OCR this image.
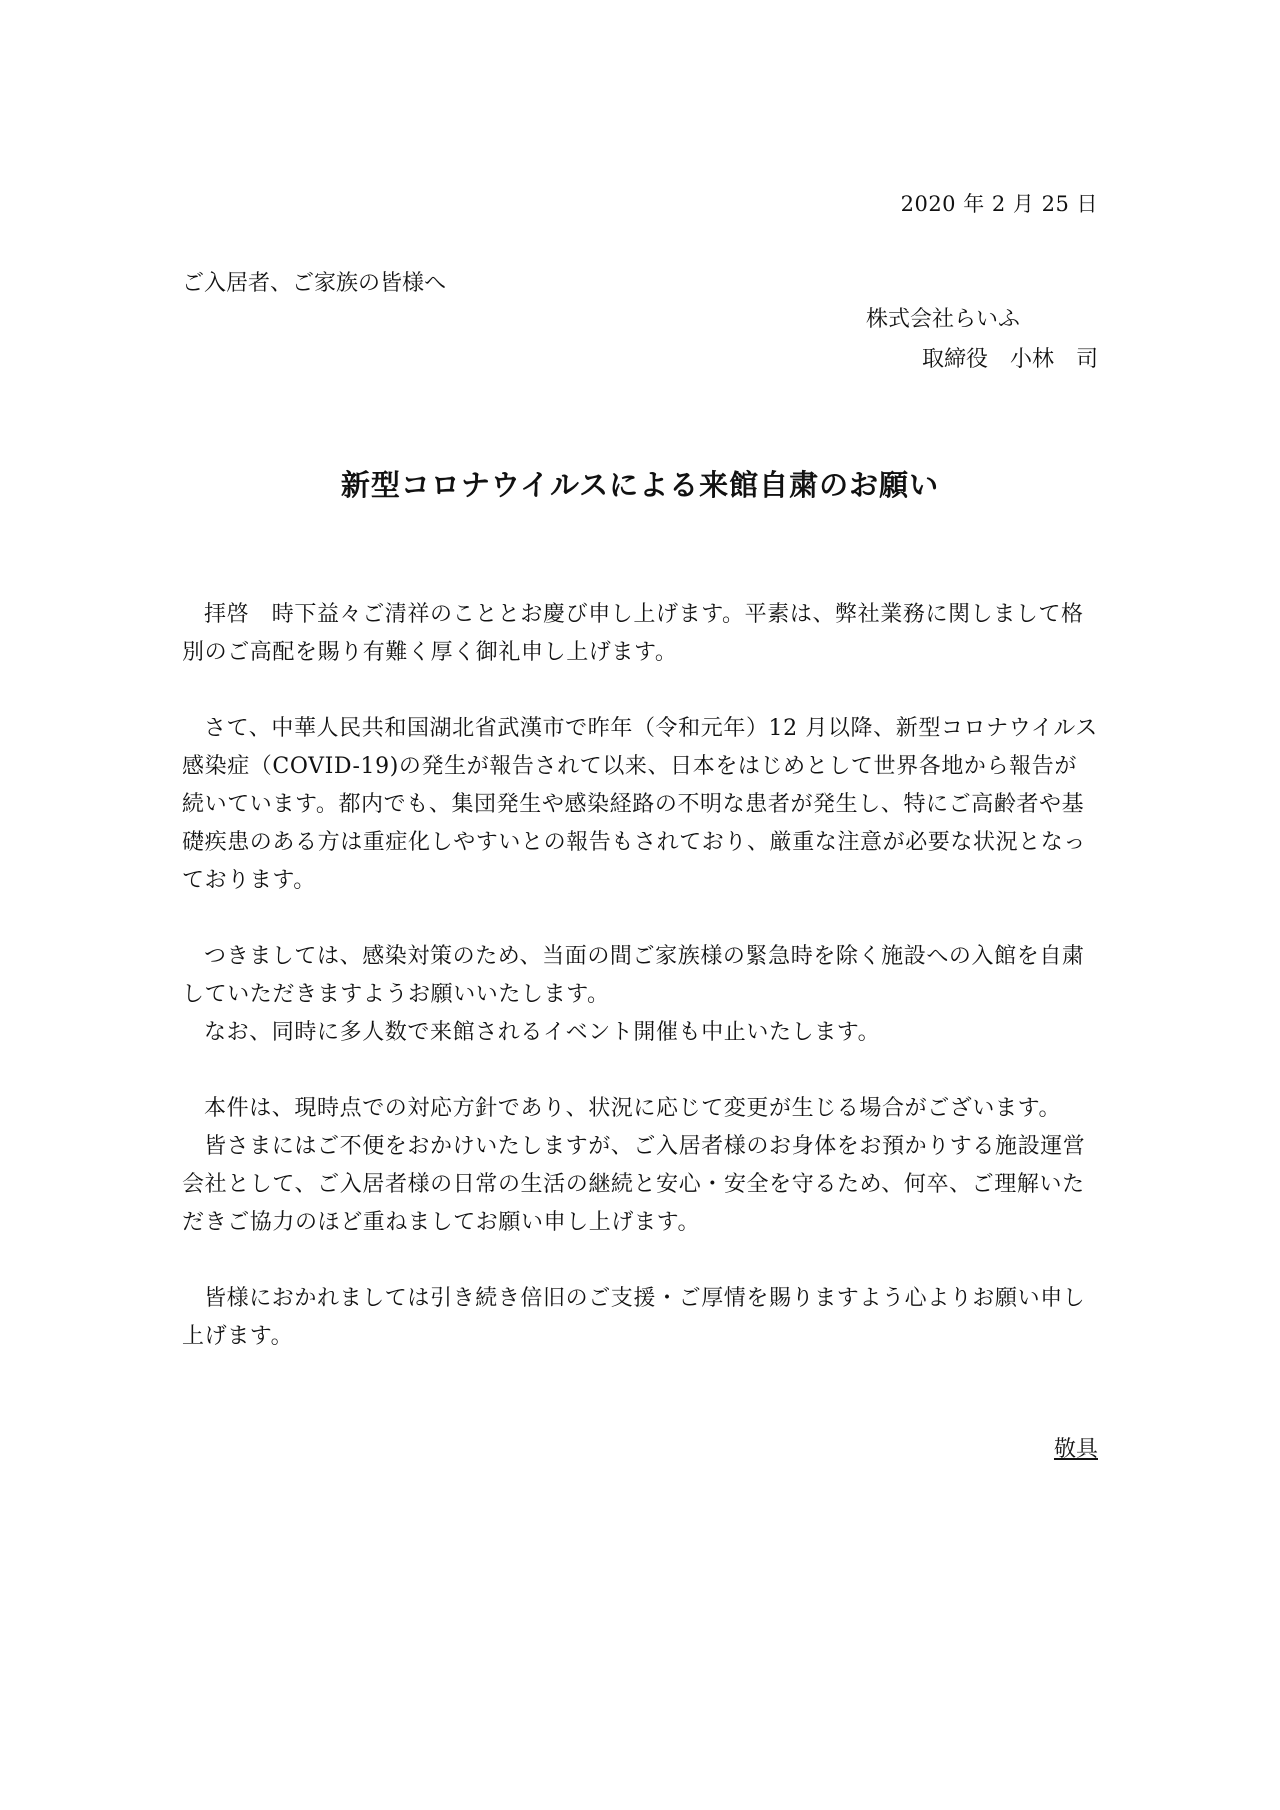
2020 年 2 月 25 日
ご入居者、ご家族の皆様へ
株式会社らいふ
取締役　小林　司
新型コロナウイルスによる来館自粛のお願い

拝啓　時下益々ご清祥のこととお慶び申し上げます。平素は、弊社業務に関しまして格別のご高配を賜り有難く厚く御礼申し上げます。

さて、中華人民共和国湖北省武漢市で昨年（令和元年）12 月以降、新型コロナウイルス感染症（COVID-19)の発生が報告されて以来、日本をはじめとして世界各地から報告が続いています。都内でも、集団発生や感染経路の不明な患者が発生し、特にご高齢者や基礎疾患のある方は重症化しやすいとの報告もされており、厳重な注意が必要な状況となっております。

つきましては、感染対策のため、当面の間ご家族様の緊急時を除く施設への入館を自粛していただきますようお願いいたします。

なお、同時に多人数で来館されるイベント開催も中止いたします。

本件は、現時点での対応方針であり、状況に応じて変更が生じる場合がございます。

皆さまにはご不便をおかけいたしますが、ご入居者様のお身体をお預かりする施設運営会社として、ご入居者様の日常の生活の継続と安心・安全を守るため、何卒、ご理解いただきご協力のほど重ねましてお願い申し上げます。

皆様におかれましては引き続き倍旧のご支援・ご厚情を賜りますよう心よりお願い申し上げます。

敬具
